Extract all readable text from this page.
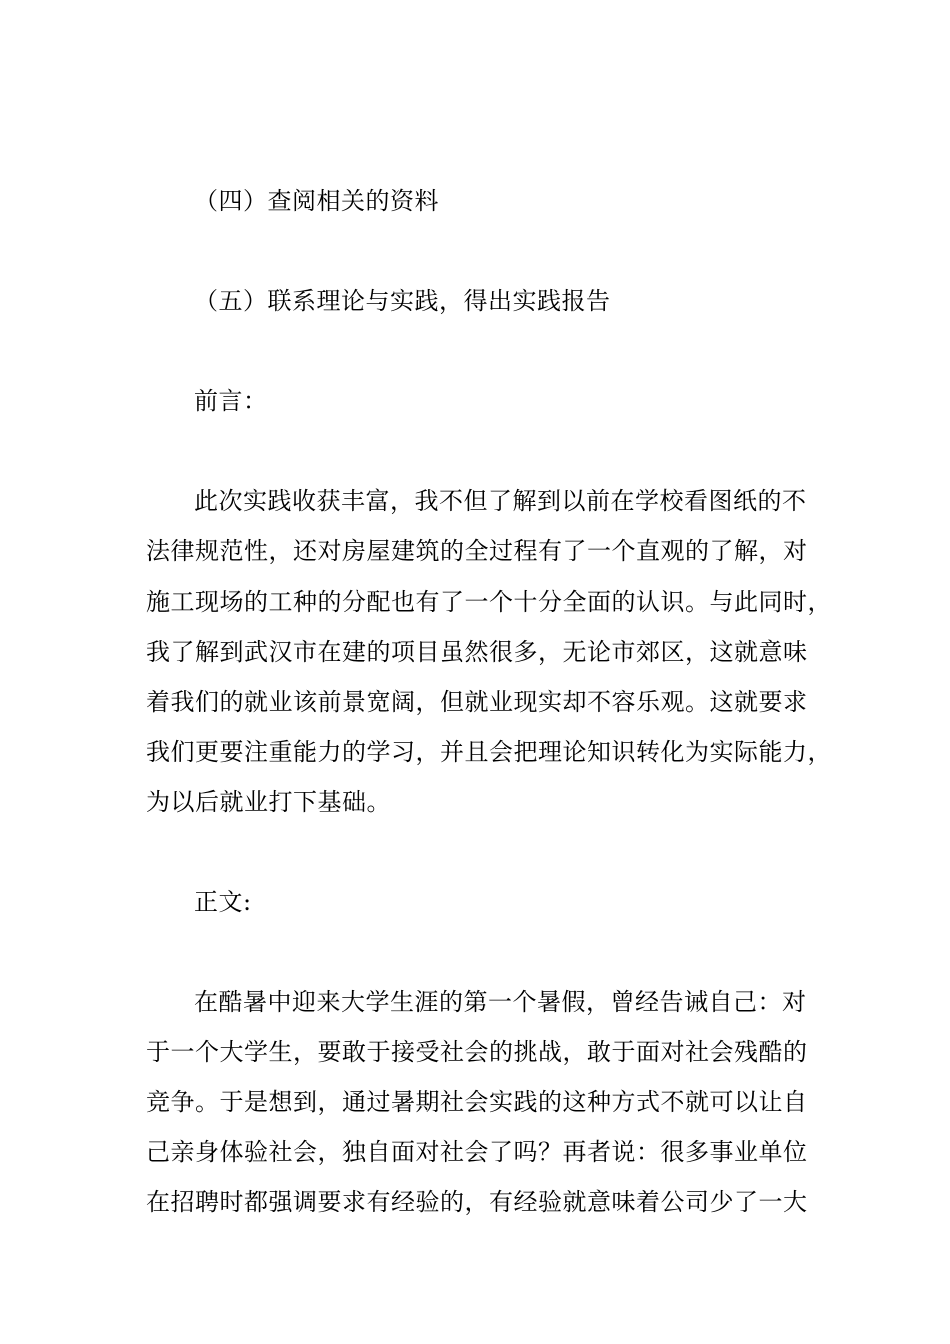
（四）查阅相关的资料
（五）联系理论与实践，得出实践报告
前言：
此次实践收获丰富，我不但了解到以前在学校看图纸的不
法律规范性，还对房屋建筑的全过程有了一个直观的了解，对
施工现场的工种的分配也有了一个十分全面的认识。与此同时，
我了解到武汉市在建的项目虽然很多，无论市郊区，这就意味
着我们的就业该前景宽阔，但就业现实却不容乐观。这就要求
我们更要注重能力的学习，并且会把理论知识转化为实际能力，
为以后就业打下基础。
正文:
在酷暑中迎来大学生涯的第一个暑假，曾经告诫自己：对
于一个大学生，要敢于接受社会的挑战，敢于面对社会残酷的
竞争。于是想到，通过暑期社会实践的这种方式不就可以让自
己亲身体验社会，独自面对社会了吗？再者说：很多事业单位
在招聘时都强调要求有经验的，有经验就意味着公司少了一大
